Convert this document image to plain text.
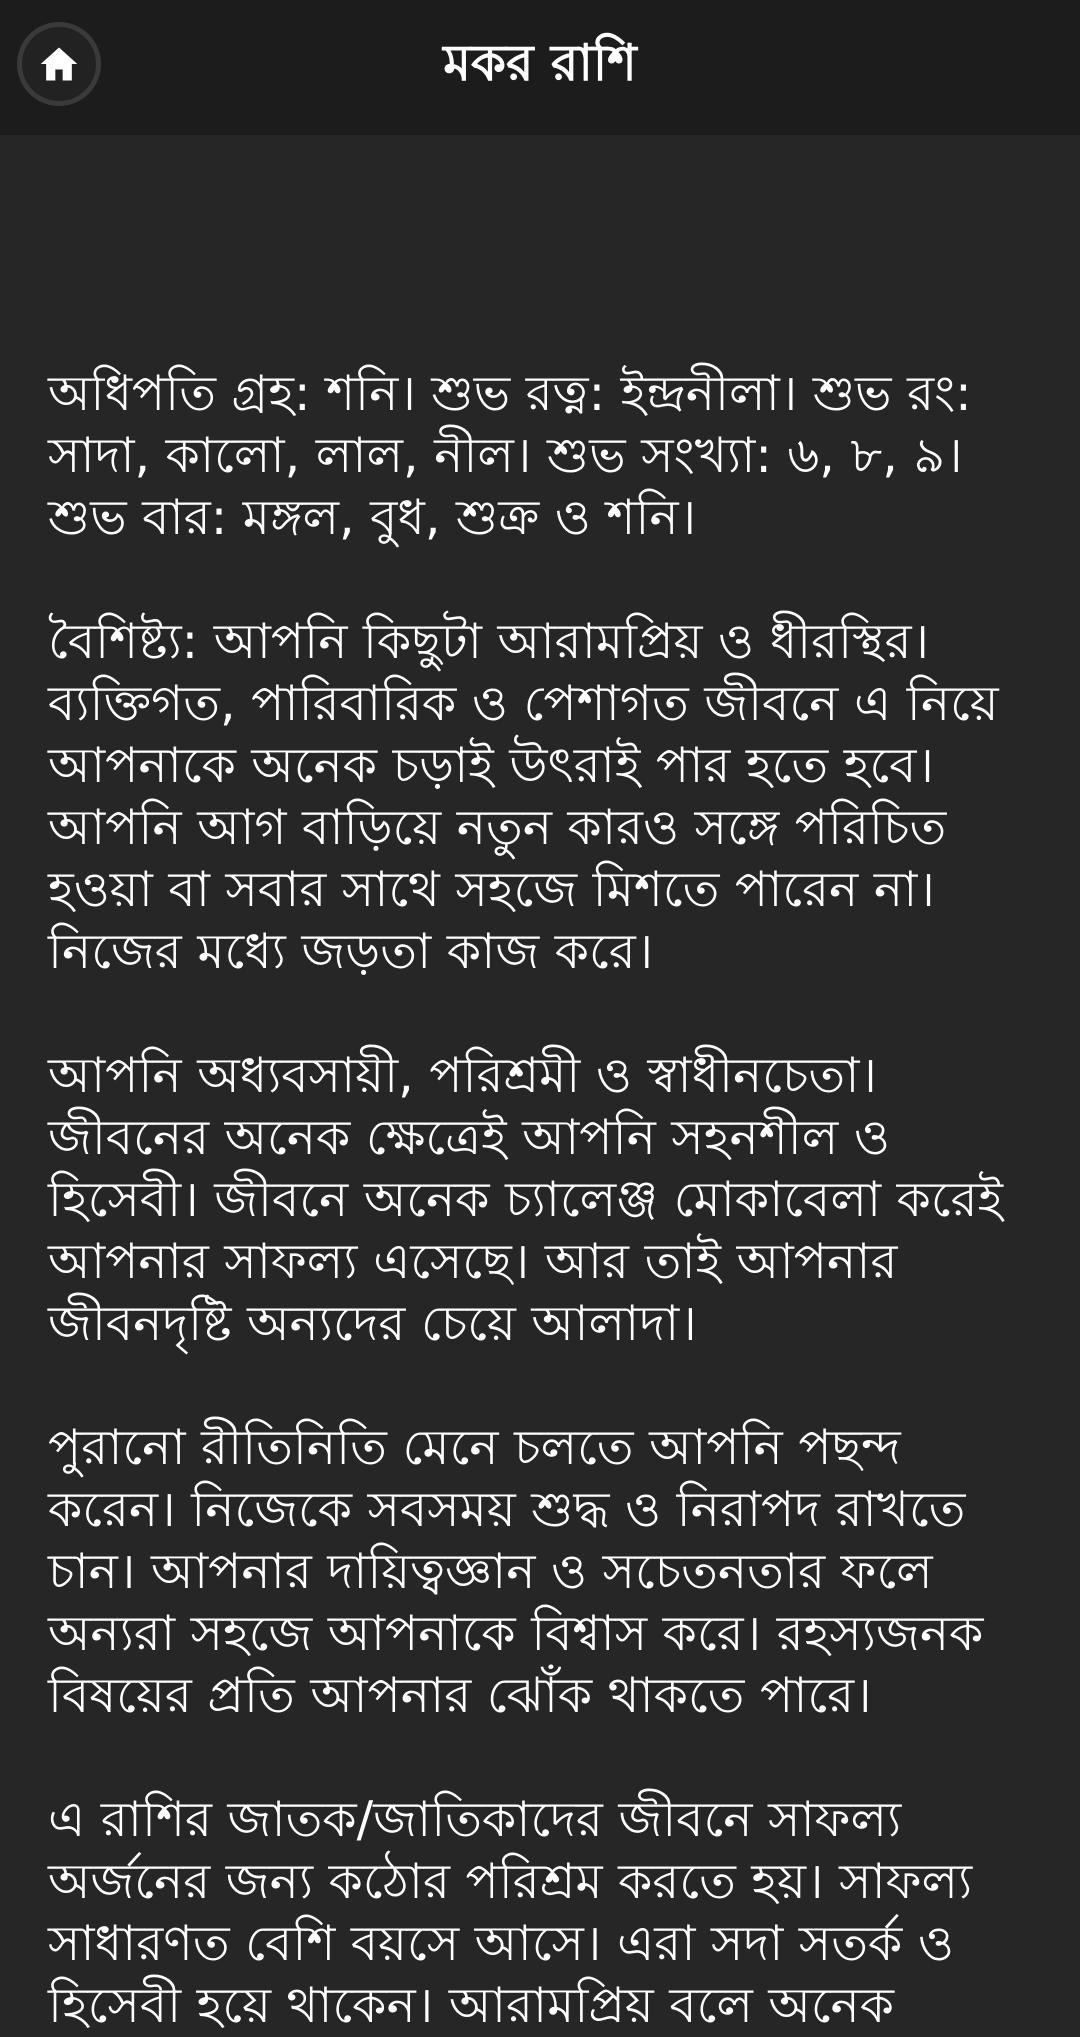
মকর রাশি

অধিপতি গ্রহ: শনি। শুভ রত্ন: ইন্দ্রনীলা। শুভ রং: সাদা, কালো, লাল, নীল। শুভ সংখ্যা: ৬, ৮, ৯। শুভ বার: মঙ্গল, বুধ, শুক্র ও শনি।

বৈশিষ্ট্য: আপনি কিছুটা আরামপ্রিয় ও ধীরস্থির। ব্যক্তিগত, পারিবারিক ও পেশাগত জীবনে এ নিয়ে আপনাকে অনেক চড়াই উৎরাই পার হতে হবে। আপনি আগ বাড়িয়ে নতুন কারও সঙ্গে পরিচিত হওয়া বা সবার সাথে সহজে মিশতে পারেন না। নিজের মধ্যে জড়তা কাজ করে।

আপনি অধ্যবসায়ী, পরিশ্রমী ও স্বাধীনচেতা। জীবনের অনেক ক্ষেত্রেই আপনি সহনশীল ও হিসেবী। জীবনে অনেক চ্যালেঞ্জ মোকাবেলা করেই আপনার সাফল্য এসেছে। আর তাই আপনার জীবনদৃষ্টি অন্যদের চেয়ে আলাদা।

পুরানো রীতিনিতি মেনে চলতে আপনি পছন্দ করেন। নিজেকে সবসময় শুদ্ধ ও নিরাপদ রাখতে চান। আপনার দায়িত্বজ্ঞান ও সচেতনতার ফলে অন্যরা সহজে আপনাকে বিশ্বাস করে। রহস্যজনক বিষয়ের প্রতি আপনার ঝোঁক থাকতে পারে।

এ রাশির জাতক/জাতিকাদের জীবনে সাফল্য অর্জনের জন্য কঠোর পরিশ্রম করতে হয়। সাফল্য সাধারণত বেশি বয়সে আসে। এরা সদা সতর্ক ও হিসেবী হয়ে থাকেন। আরামপ্রিয় বলে অনেক
